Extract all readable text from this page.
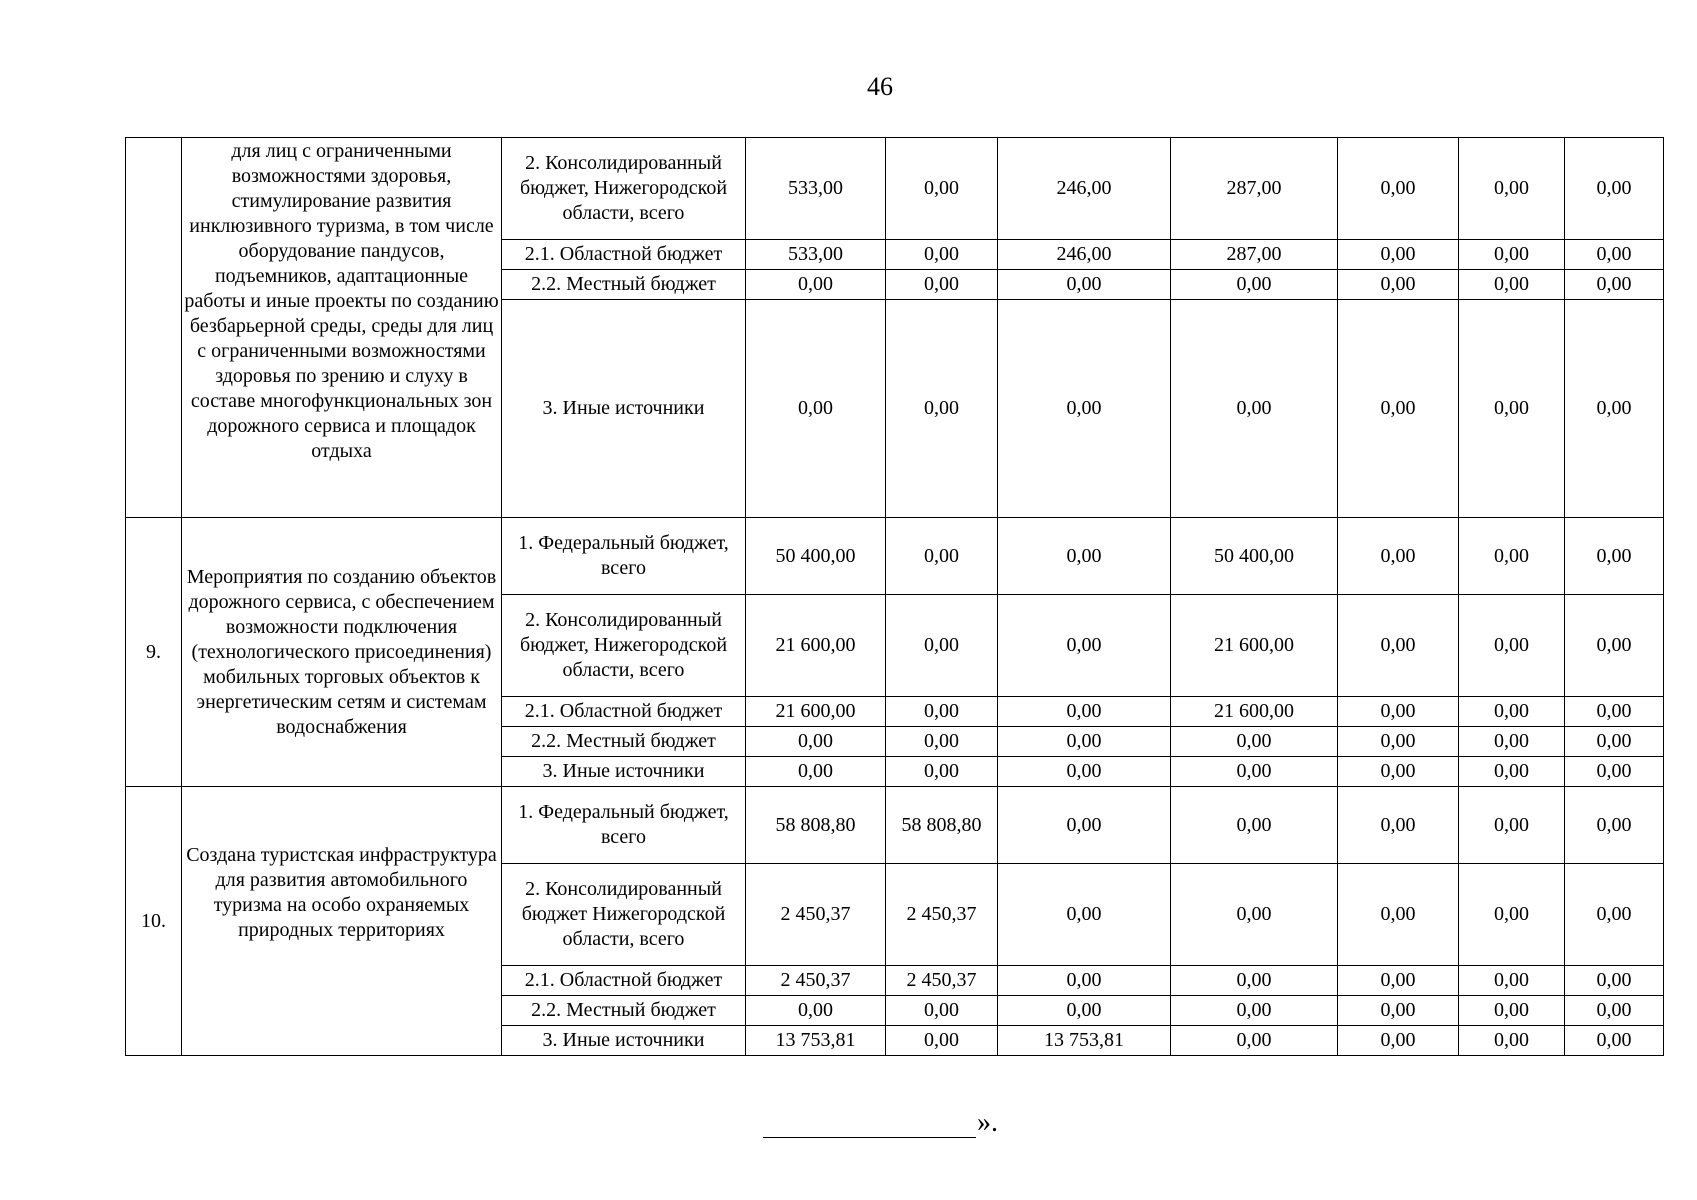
46
	для лиц с ограниченными возможностями здоровья, стимулирование развития инклюзивного туризма, в том числе оборудование пандусов, подъемников, адаптационные работы и иные проекты по созданию безбарьерной среды, среды для лиц с ограниченными возможностями здоровья по зрению и слуху в составе многофункциональных зон дорожного сервиса и площадок отдыха	2. Консолидированный бюджет, Нижегородской области, всего	533,00	0,00	246,00	287,00	0,00	0,00	0,00
		2.1. Областной бюджет	533,00	0,00	246,00	287,00	0,00	0,00	0,00
		2.2. Местный бюджет	0,00	0,00	0,00	0,00	0,00	0,00	0,00
		3. Иные источники	0,00	0,00	0,00	0,00	0,00	0,00	0,00
9.	Мероприятия по созданию объектов дорожного сервиса, с обеспечением возможности подключения (технологического присоединения) мобильных торговых объектов к энергетическим сетям и системам водоснабжения	1. Федеральный бюджет, всего	50 400,00	0,00	0,00	50 400,00	0,00	0,00	0,00
		2. Консолидированный бюджет, Нижегородской области, всего	21 600,00	0,00	0,00	21 600,00	0,00	0,00	0,00
		2.1. Областной бюджет	21 600,00	0,00	0,00	21 600,00	0,00	0,00	0,00
		2.2. Местный бюджет	0,00	0,00	0,00	0,00	0,00	0,00	0,00
		3. Иные источники	0,00	0,00	0,00	0,00	0,00	0,00	0,00
10.	Создана туристская инфраструктура для развития автомобильного туризма на особо охраняемых природных территориях	1. Федеральный бюджет, всего	58 808,80	58 808,80	0,00	0,00	0,00	0,00	0,00
		2. Консолидированный бюджет Нижегородской области, всего	2 450,37	2 450,37	0,00	0,00	0,00	0,00	0,00
		2.1. Областной бюджет	2 450,37	2 450,37	0,00	0,00	0,00	0,00	0,00
		2.2. Местный бюджет	0,00	0,00	0,00	0,00	0,00	0,00	0,00
		3. Иные источники	13 753,81	0,00	13 753,81	0,00	0,00	0,00	0,00
».
